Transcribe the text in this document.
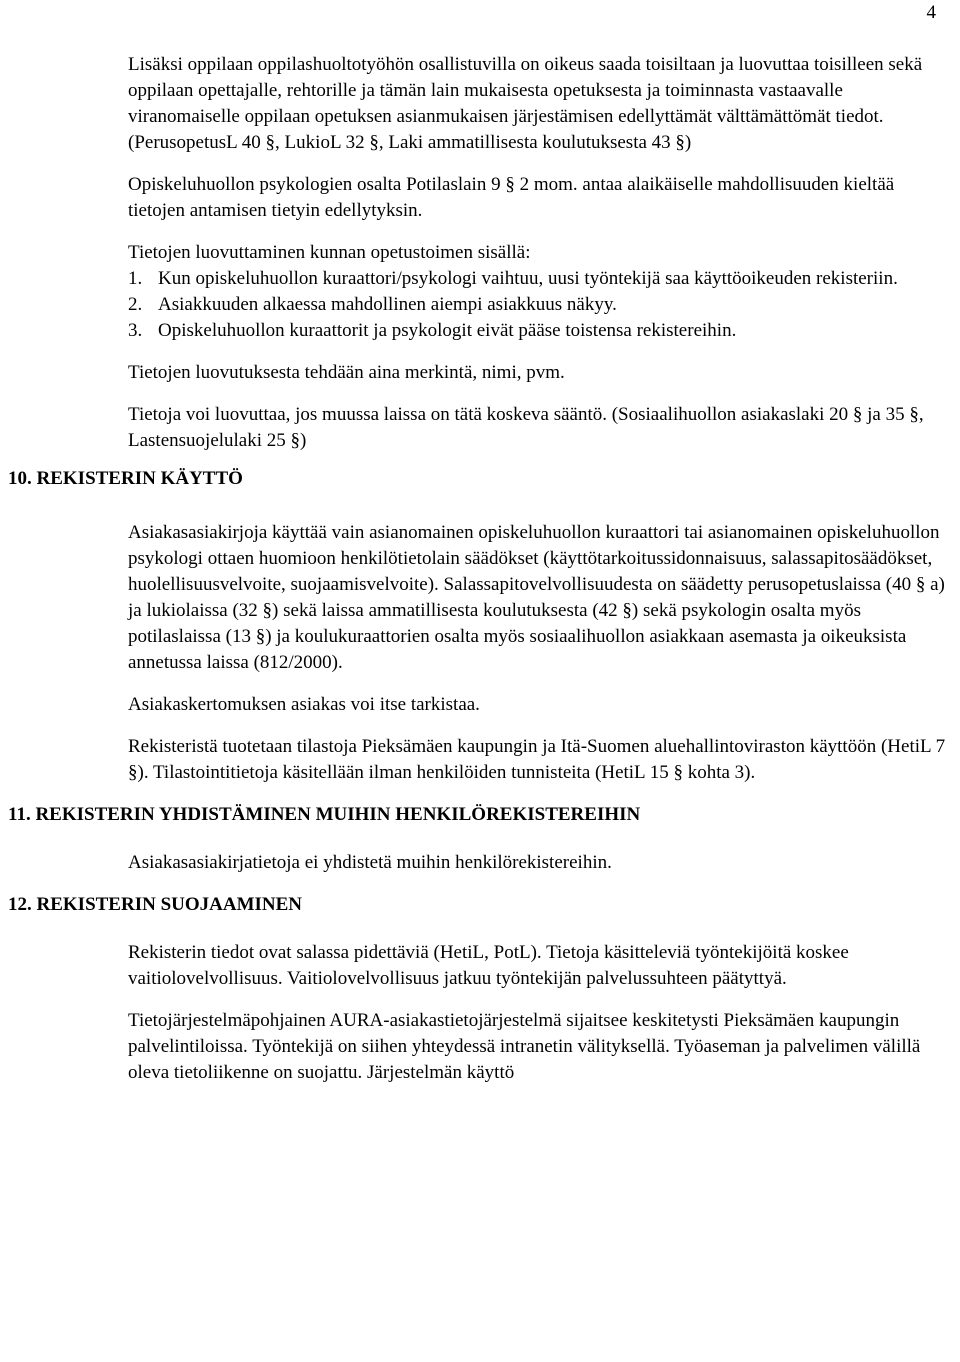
4

Lisäksi oppilaan oppilashuoltotyöhön osallistuvilla on oikeus saada toisiltaan ja luovuttaa toisilleen sekä oppilaan opettajalle, rehtorille ja tämän lain mukaisesta opetuksesta ja toiminnasta vastaavalle viranomaiselle oppilaan opetuksen asianmukaisen järjestämisen edellyttämät välttämättömät tiedot. (PerusopetusL 40 §, LukioL 32 §, Laki ammatillisesta koulutuksesta 43 §)

Opiskeluhuollon psykologien osalta Potilaslain 9 § 2 mom. antaa alaikäiselle mahdollisuuden kieltää tietojen antamisen tietyin edellytyksin.

Tietojen luovuttaminen kunnan opetustoimen sisällä:

1. Kun opiskeluhuollon kuraattori/psykologi vaihtuu, uusi työntekijä saa käyttöoikeuden rekisteriin.
2. Asiakkuuden alkaessa mahdollinen aiempi asiakkuus näkyy.
3. Opiskeluhuollon kuraattorit ja psykologit eivät pääse toistensa rekistereihin.

Tietojen luovutuksesta tehdään aina merkintä, nimi, pvm.

Tietoja voi luovuttaa, jos muussa laissa on tätä koskeva sääntö. (Sosiaalihuollon asiakaslaki 20 § ja 35 §, Lastensuojelulaki 25 §)

10. REKISTERIN KÄYTTÖ

Asiakasasiakirjoja käyttää vain asianomainen opiskeluhuollon kuraattori tai asianomainen opiskeluhuollon psykologi ottaen huomioon henkilötietolain säädökset (käyttötarkoitussidonnaisuus, salassapitosäädökset, huolellisuusvelvoite, suojaamisvelvoite). Salassapitovelvollisuudesta on säädetty perusopetuslaissa (40 § a) ja lukiolaissa (32 §) sekä laissa ammatillisesta koulutuksesta (42 §) sekä psykologin osalta myös potilaslaissa (13 §) ja koulukuraattorien osalta myös sosiaalihuollon asiakkaan asemasta ja oikeuksista annetussa laissa (812/2000).

Asiakaskertomuksen asiakas voi itse tarkistaa.

Rekisteristä tuotetaan tilastoja Pieksämäen kaupungin ja Itä-Suomen aluehallintoviraston käyttöön (HetiL 7 §). Tilastointitietoja käsitellään ilman henkilöiden tunnisteita (HetiL 15 § kohta 3).

11. REKISTERIN YHDISTÄMINEN MUIHIN HENKILÖREKISTEREIHIN

Asiakasasiakirjatietoja ei yhdistetä muihin henkilörekistereihin.

12. REKISTERIN SUOJAAMINEN

Rekisterin tiedot ovat salassa pidettäviä (HetiL, PotL). Tietoja käsitteleviä työntekijöitä koskee vaitiolovelvollisuus. Vaitiolovelvollisuus jatkuu työntekijän palvelussuhteen päätyttyä.

Tietojärjestelmäpohjainen AURA-asiakastietojärjestelmä sijaitsee keskitetysti Pieksämäen kaupungin palvelintiloissa. Työntekijä on siihen yhteydessä intranetin välityksellä. Työaseman ja palvelimen välillä oleva tietoliikenne on suojattu. Järjestelmän käyttö
